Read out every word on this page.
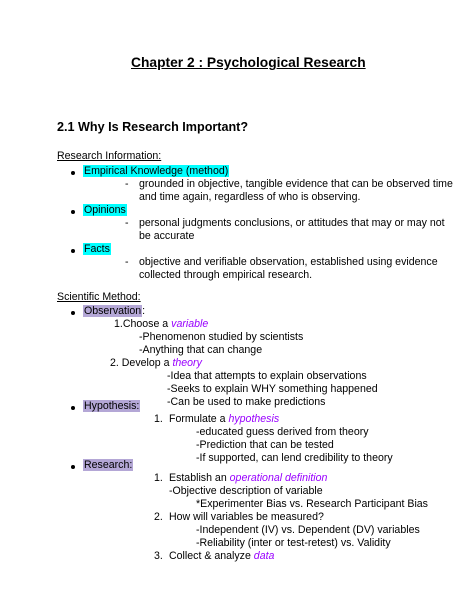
Chapter 2 : Psychological Research
2.1 Why Is Research Important?
Research Information:
Empirical Knowledge (method)
- grounded in objective, tangible evidence that can be observed time
and time again, regardless of who is observing.
Opinions
- personal judgments conclusions, or attitudes that may or may not
be accurate
Facts
- objective and verifiable observation, established using evidence
collected through empirical research.
Scientific Method:
Observation:
1.Choose a variable
-Phenomenon studied by scientists
-Anything that can change
2. Develop a theory
-Idea that attempts to explain observations
-Seeks to explain WHY something happened
-Can be used to make predictions
Hypothesis:
1. Formulate a hypothesis
-educated guess derived from theory
-Prediction that can be tested
-If supported, can lend credibility to theory
Research:
1. Establish an operational definition
-Objective description of variable
*Experimenter Bias vs. Research Participant Bias
2. How will variables be measured?
-Independent (IV) vs. Dependent (DV) variables
-Reliability (inter or test-retest) vs. Validity
3. Collect & analyze data
